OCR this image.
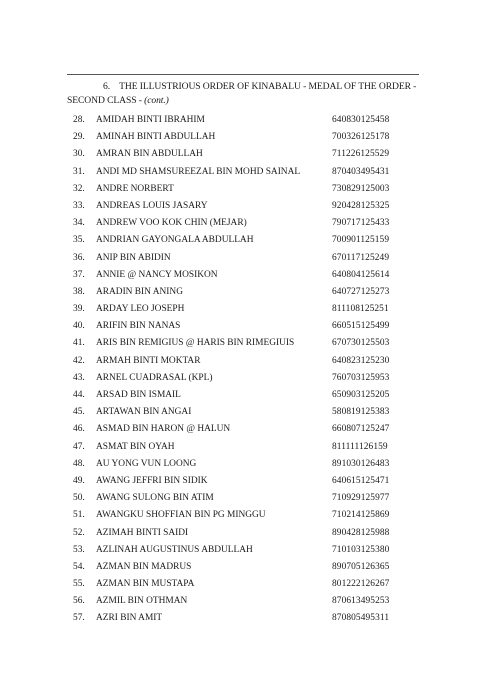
6. THE ILLUSTRIOUS ORDER OF KINABALU - MEDAL OF THE ORDER -
SECOND CLASS - (cont.)
28.	AMIDAH BINTI IBRAHIM	640830125458
29.	AMINAH BINTI ABDULLAH	700326125178
30.	AMRAN BIN ABDULLAH	711226125529
31.	ANDI MD SHAMSUREEZAL BIN MOHD SAINAL	870403495431
32.	ANDRE NORBERT	730829125003
33.	ANDREAS LOUIS JASARY	920428125325
34.	ANDREW VOO KOK CHIN (MEJAR)	790717125433
35.	ANDRIAN GAYONGALA ABDULLAH	700901125159
36.	ANIP BIN ABIDIN	670117125249
37.	ANNIE @ NANCY MOSIKON	640804125614
38.	ARADIN BIN ANING	640727125273
39.	ARDAY LEO JOSEPH	811108125251
40.	ARIFIN BIN NANAS	660515125499
41.	ARIS BIN REMIGIUS @ HARIS BIN RIMEGIUIS	670730125503
42.	ARMAH BINTI MOKTAR	640823125230
43.	ARNEL CUADRASAL (KPL)	760703125953
44.	ARSAD BIN ISMAIL	650903125205
45.	ARTAWAN BIN ANGAI	580819125383
46.	ASMAD BIN HARON @ HALUN	660807125247
47.	ASMAT BIN OYAH	811111126159
48.	AU YONG VUN LOONG	891030126483
49.	AWANG JEFFRI BIN SIDIK	640615125471
50.	AWANG SULONG BIN ATIM	710929125977
51.	AWANGKU SHOFFIAN BIN PG MINGGU	710214125869
52.	AZIMAH BINTI SAIDI	890428125988
53.	AZLINAH AUGUSTINUS ABDULLAH	710103125380
54.	AZMAN BIN MADRUS	890705126365
55.	AZMAN BIN MUSTAPA	801222126267
56.	AZMIL BIN OTHMAN	870613495253
57.	AZRI BIN AMIT	870805495311
